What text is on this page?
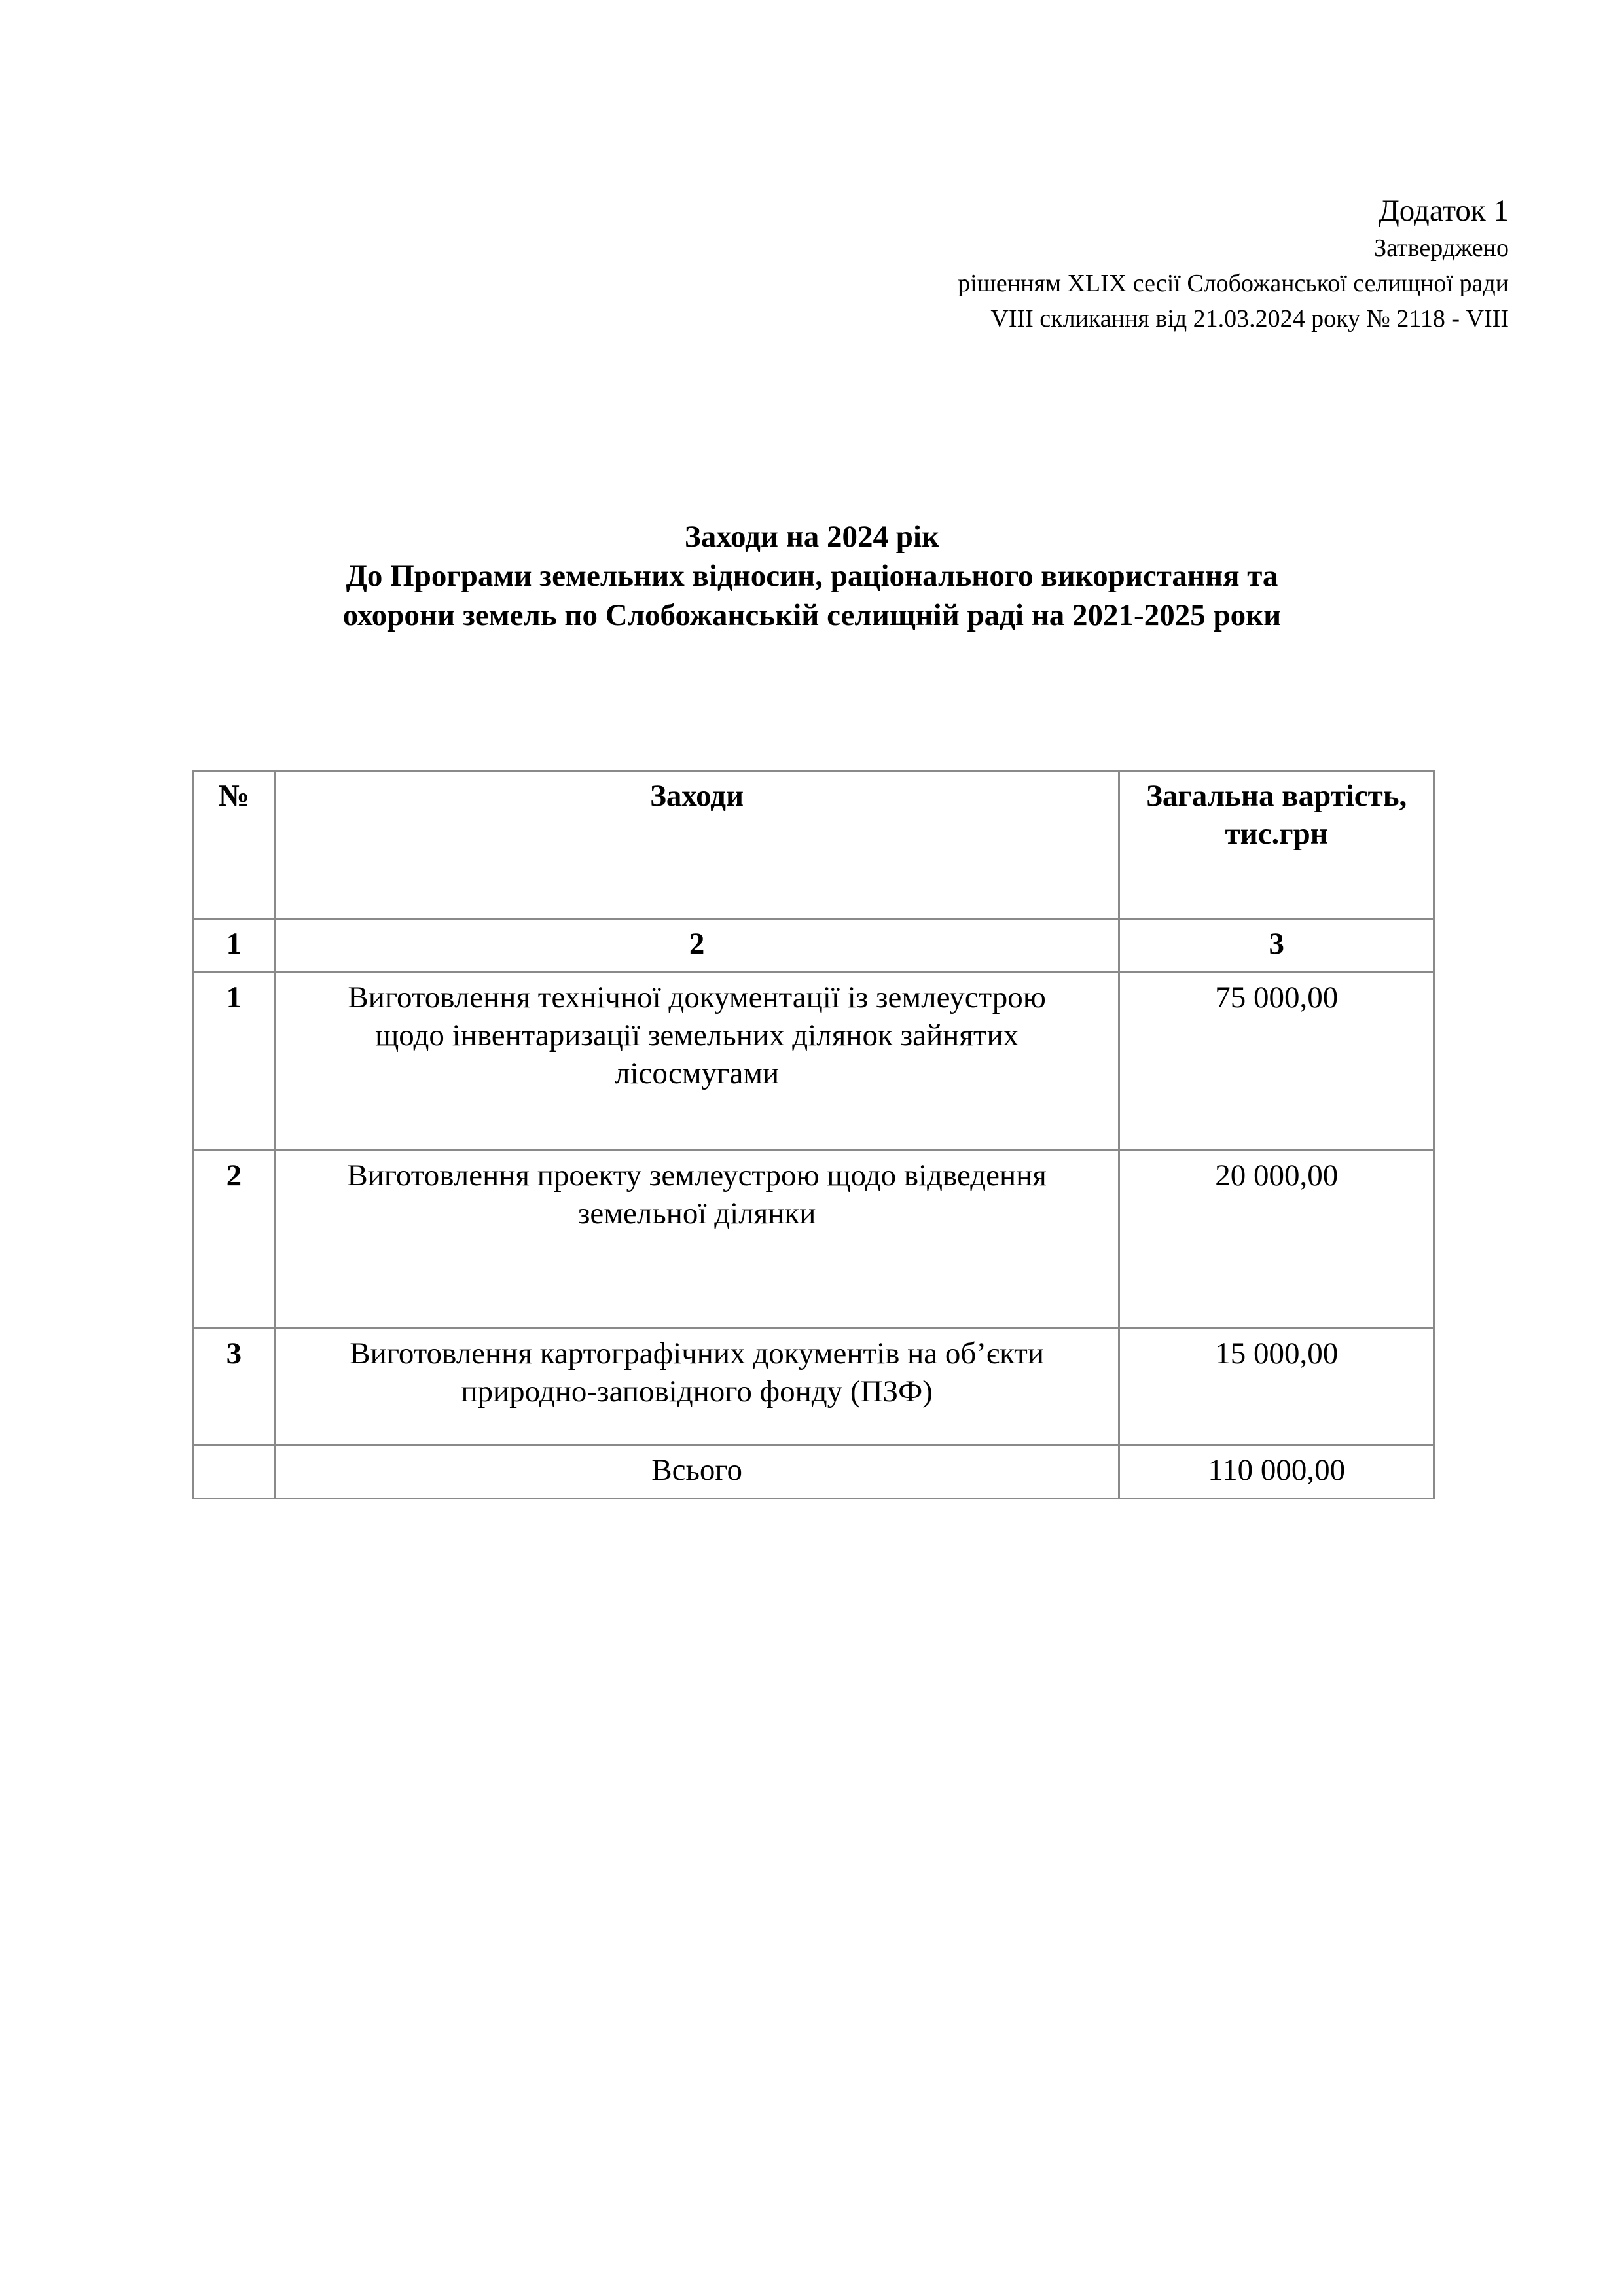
Додаток 1
Затверджено
рішенням XLIX сесії Слобожанської селищної ради
VIII скликання від 21.03.2024 року № 2118 - VIII
Заходи на 2024 рік
До Програми земельних відносин, раціонального використання та
охорони земель по Слобожанській селищній раді на 2021-2025 роки
№	Заходи	Загальна вартість,
тис.грн

1	2	3
1	Виготовлення технічної документації із землеустрою
щодо інвентаризації земельних ділянок зайнятих
лісосмугами	75 000,00
2	Виготовлення проекту землеустрою щодо відведення
земельної ділянки	20 000,00
3	Виготовлення картографічних документів на об’єкти
природно-заповідного фонду (ПЗФ)	15 000,00
	Всього	110 000,00
